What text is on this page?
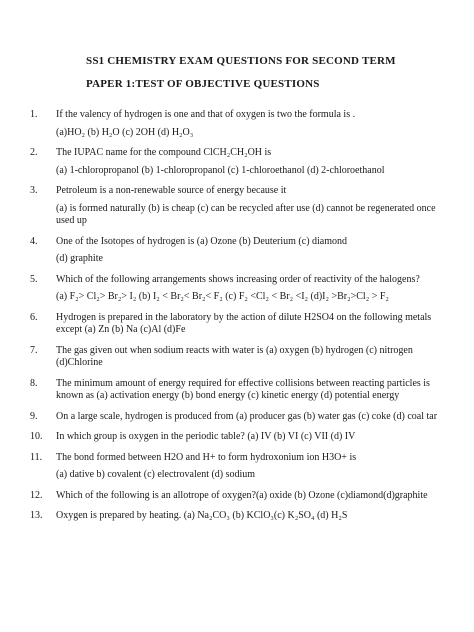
SS1 CHEMISTRY EXAM QUESTIONS FOR SECOND TERM
PAPER 1:TEST OF OBJECTIVE QUESTIONS
1.	If the valency of hydrogen is one and that of oxygen is two the formula is .

(a)HO₂ (b) H₂O (c) 2OH (d) H₂O₃

2.	The IUPAC name for the compound ClCH₂CH₂OH is

(a) 1-chloropropanol (b) 1-chloropropanol (c) 1-chloroethanol (d) 2-chloroethanol

3.	Petroleum is a non-renewable source of energy because it

(a) is formed naturally (b) is cheap (c) can be recycled after use (d) cannot be regenerated once used up

4.	One of the Isotopes of hydrogen is (a) Ozone (b) Deuterium (c) diamond

(d) graphite

5.	Which of the following arrangements shows increasing order of reactivity of the halogens?

(a) F₂> Cl₂> Br₂> I₂ (b) I₂ < Br₂< Br₂< F₂ (c) F₂ <Cl₂ < Br₂ <I₂ (d)I₂ >Br₂>Cl₂ > F₂

6.	Hydrogen is prepared in the laboratory by the action of dilute H2SO4 on the following metals except (a) Zn (b) Na (c)Al (d)Fe

7.	The gas given out when sodium reacts with water is (a) oxygen (b) hydrogen (c) nitrogen (d)Chlorine

8.	The minimum amount of energy required for effective collisions between reacting particles is known as (a) activation energy (b) bond energy (c) kinetic energy (d) potential energy

9.	On a large scale, hydrogen is produced from (a) producer gas (b) water gas (c) coke (d) coal tar

10.	In which group is oxygen in the periodic table? (a) IV (b) VI (c) VII (d) IV

11.	The bond formed between H2O and H+ to form hydroxonium ion H3O+ is

(a) dative b) covalent (c) electrovalent (d) sodium

12.	Which of the following is an allotrope of oxygen?(a) oxide (b) Ozone (c)diamond(d)graphite

13.	Oxygen is prepared by heating. (a) Na₂CO₃ (b) KClO₃(c) K₂SO₄ (d) H₂S
